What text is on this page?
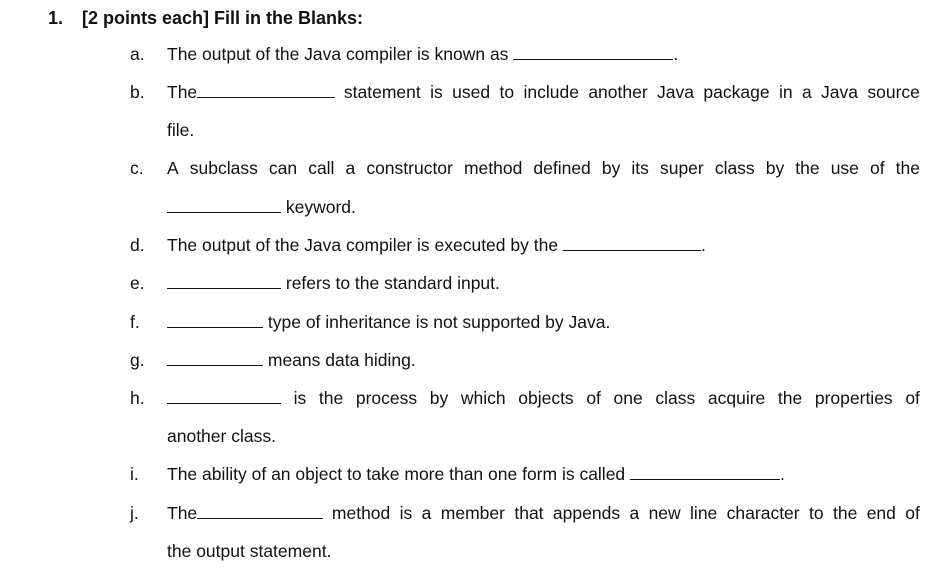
1. [2 points each] Fill in the Blanks:
a.	The output of the Java compiler is known as	.
b.	The	statement is used to include another Java package in a Java source
file.
c.	A subclass can call a constructor method defined by its super class by the use of the
keyword.
d.	The output of the Java compiler is executed by the	.
e.	refers to the standard input.
f.	type of inheritance is not supported by Java.
g.	means data hiding.
h.	is the process by which objects of one class acquire the properties of
another class.
i.	The ability of an object to take more than one form is called	.
j.	The	method is a member that appends a new line character to the end of
the output statement.
